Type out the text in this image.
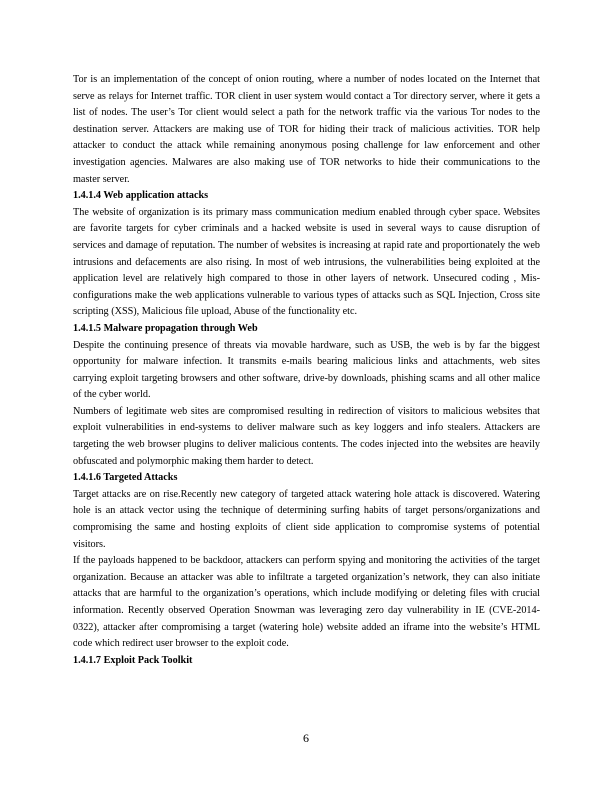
Tor is an implementation of the concept of onion routing, where a number of nodes located on the Internet that serve as relays for Internet traffic. TOR client in user system would contact a Tor directory server, where it gets a list of nodes. The user’s Tor client would select a path for the network traffic via the various Tor nodes to the destination server. Attackers are making use of TOR for hiding their track of malicious activities. TOR help attacker to conduct the attack while remaining anonymous posing challenge for law enforcement and other investigation agencies. Malwares are also making use of TOR networks to hide their communications to the master server.

1.4.1.4 Web application attacks

The website of organization is its primary mass communication medium enabled through cyber space. Websites are favorite targets for cyber criminals and a hacked website is used in several ways to cause disruption of services and damage of reputation. The number of websites is increasing at rapid rate and proportionately the web intrusions and defacements are also rising. In most of web intrusions, the vulnerabilities being exploited at the application level are relatively high compared to those in other layers of network. Unsecured coding , Mis-configurations make the web applications vulnerable to various types of attacks such as SQL Injection, Cross site scripting (XSS), Malicious file upload, Abuse of the functionality etc.

1.4.1.5 Malware propagation through Web

Despite the continuing presence of threats via movable hardware, such as USB, the web is by far the biggest opportunity for malware infection. It transmits e-mails bearing malicious links and attachments, web sites carrying exploit targeting browsers and other software, drive-by downloads, phishing scams and all other malice of the cyber world.

Numbers of legitimate web sites are compromised resulting in redirection of visitors to malicious websites that exploit vulnerabilities in end-systems to deliver malware such as key loggers and info stealers. Attackers are targeting the web browser plugins to deliver malicious contents. The codes injected into the websites are heavily obfuscated and polymorphic making them harder to detect.

1.4.1.6 Targeted Attacks

Target attacks are on rise.Recently new category of targeted attack watering hole attack is discovered. Watering hole is an attack vector using the technique of determining surfing habits of target persons/organizations and compromising the same and hosting exploits of client side application to compromise systems of potential visitors.

If the payloads happened to be backdoor, attackers can perform spying and monitoring the activities of the target organization. Because an attacker was able to infiltrate a targeted organization’s network, they can also initiate attacks that are harmful to the organization’s operations, which include modifying or deleting files with crucial information. Recently observed Operation Snowman was leveraging zero day vulnerability in IE (CVE-2014-0322), attacker after compromising a target (watering hole) website added an iframe into the website’s HTML code which redirect user browser to the exploit code.

1.4.1.7 Exploit Pack Toolkit

6
